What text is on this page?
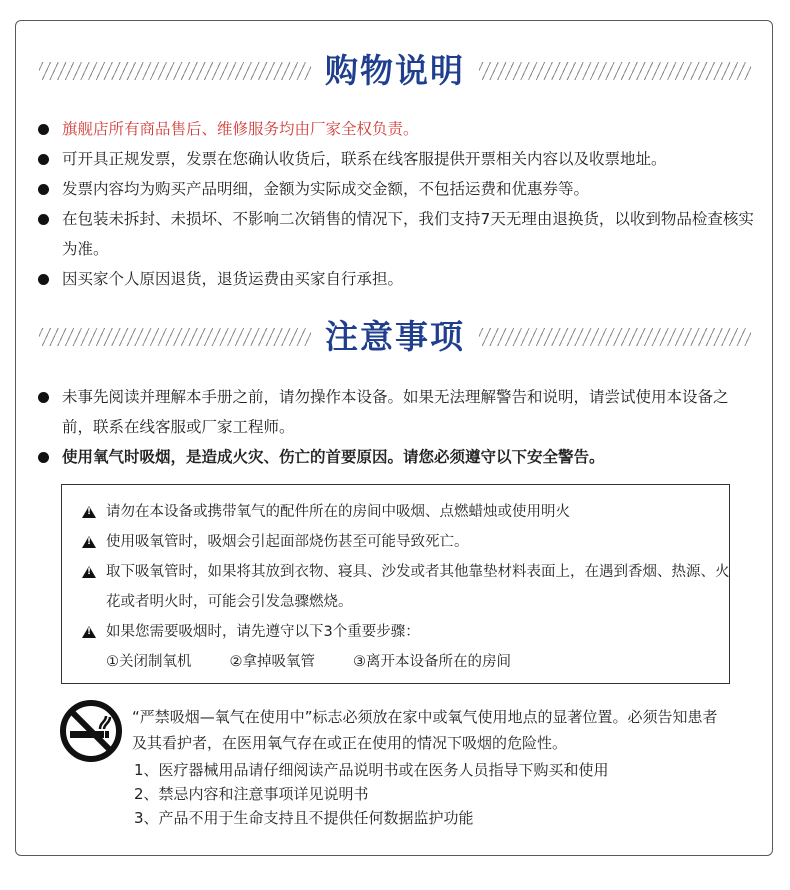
购物说明
旗舰店所有商品售后、维修服务均由厂家全权负责。
可开具正规发票，发票在您确认收货后，联系在线客服提供开票相关内容以及收票地址。
发票内容均为购买产品明细，金额为实际成交金额，不包括运费和优惠券等。
在包装未拆封、未损坏、不影响二次销售的情况下，我们支持7天无理由退换货，以收到物品检查核实为准。
因买家个人原因退货，退货运费由买家自行承担。
注意事项
未事先阅读并理解本手册之前，请勿操作本设备。如果无法理解警告和说明，请尝试使用本设备之前，联系在线客服或厂家工程师。
使用氧气时吸烟，是造成火灾、伤亡的首要原因。请您必须遵守以下安全警告。
!
请勿在本设备或携带氧气的配件所在的房间中吸烟、点燃蜡烛或使用明火
!
使用吸氧管时，吸烟会引起面部烧伤甚至可能导致死亡。
!
取下吸氧管时，如果将其放到衣物、寝具、沙发或者其他靠垫材料表面上，在遇到香烟、热源、火花或者明火时，可能会引发急骤燃烧。
!
如果您需要吸烟时，请先遵守以下3个重要步骤：
①关闭制氧机	②拿掉吸氧管	③离开本设备所在的房间
“严禁吸烟—氧气在使用中”标志必须放在家中或氧气使用地点的显著位置。必须告知患者及其看护者，在医用氧气存在或正在使用的情况下吸烟的危险性。
1、医疗器械用品请仔细阅读产品说明书或在医务人员指导下购买和使用
2、禁忌内容和注意事项详见说明书
3、产品不用于生命支持且不提供任何数据监护功能
